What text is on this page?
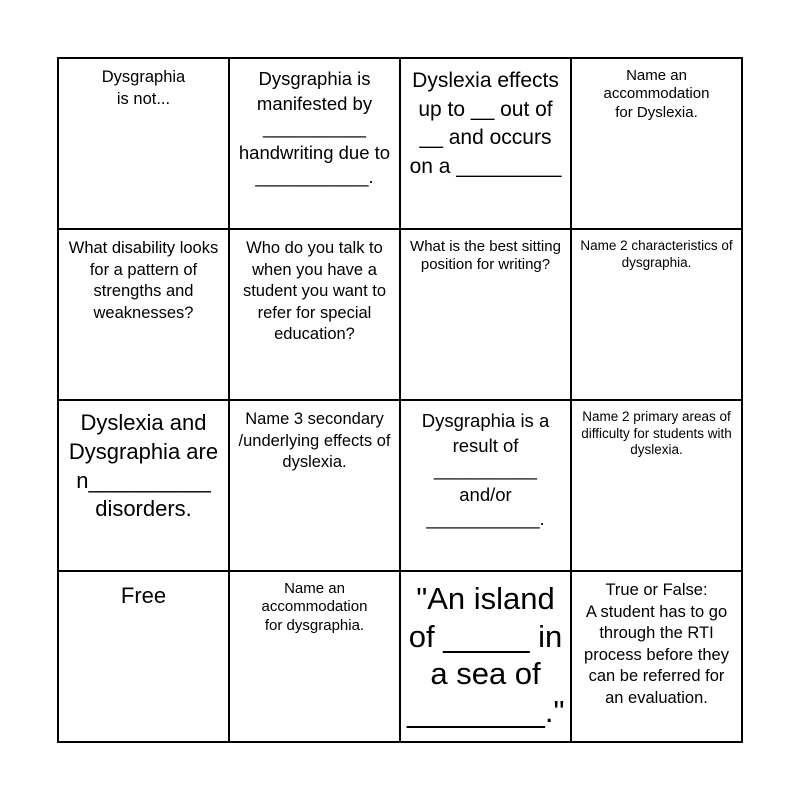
Dysgraphia
is not...
Dysgraphia is manifested by __________ handwriting due to ___________.
Dyslexia effects up to __ out of __ and occurs on a _________
Name an accommodation
for Dyslexia.
What disability looks for a pattern of strengths and weaknesses?
Who do you talk to when you have a student you want to refer for special education?
What is the best sitting position for writing?
Name 2 characteristics of dysgraphia.
Dyslexia and Dysgraphia are n__________ disorders.
Name 3 secondary /underlying effects of dyslexia.
Dysgraphia is a result of __________ and/or ___________.
Name 2 primary areas of difficulty for students with dyslexia.
Free	Name an accommodation
for dysgraphia.
"An island of _____ in a sea of ________."
True or False:
A student has to go through the RTI process before they can be referred for an evaluation.
